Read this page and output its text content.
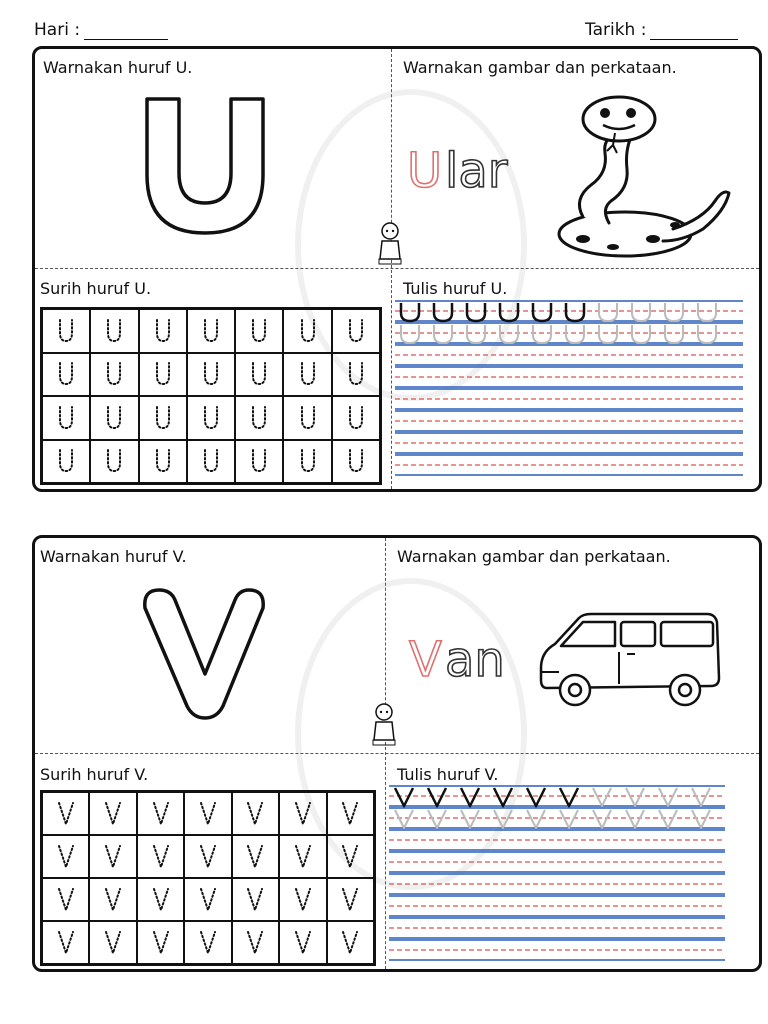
Hari :	Tarikh :
Warnakan huruf U.	Warnakan gambar dan perkataan.
Surih huruf U.	Tulis huruf U.
U lar
Warnakan huruf V.	Warnakan gambar dan perkataan.
Surih huruf V.	Tulis huruf V.
V an
